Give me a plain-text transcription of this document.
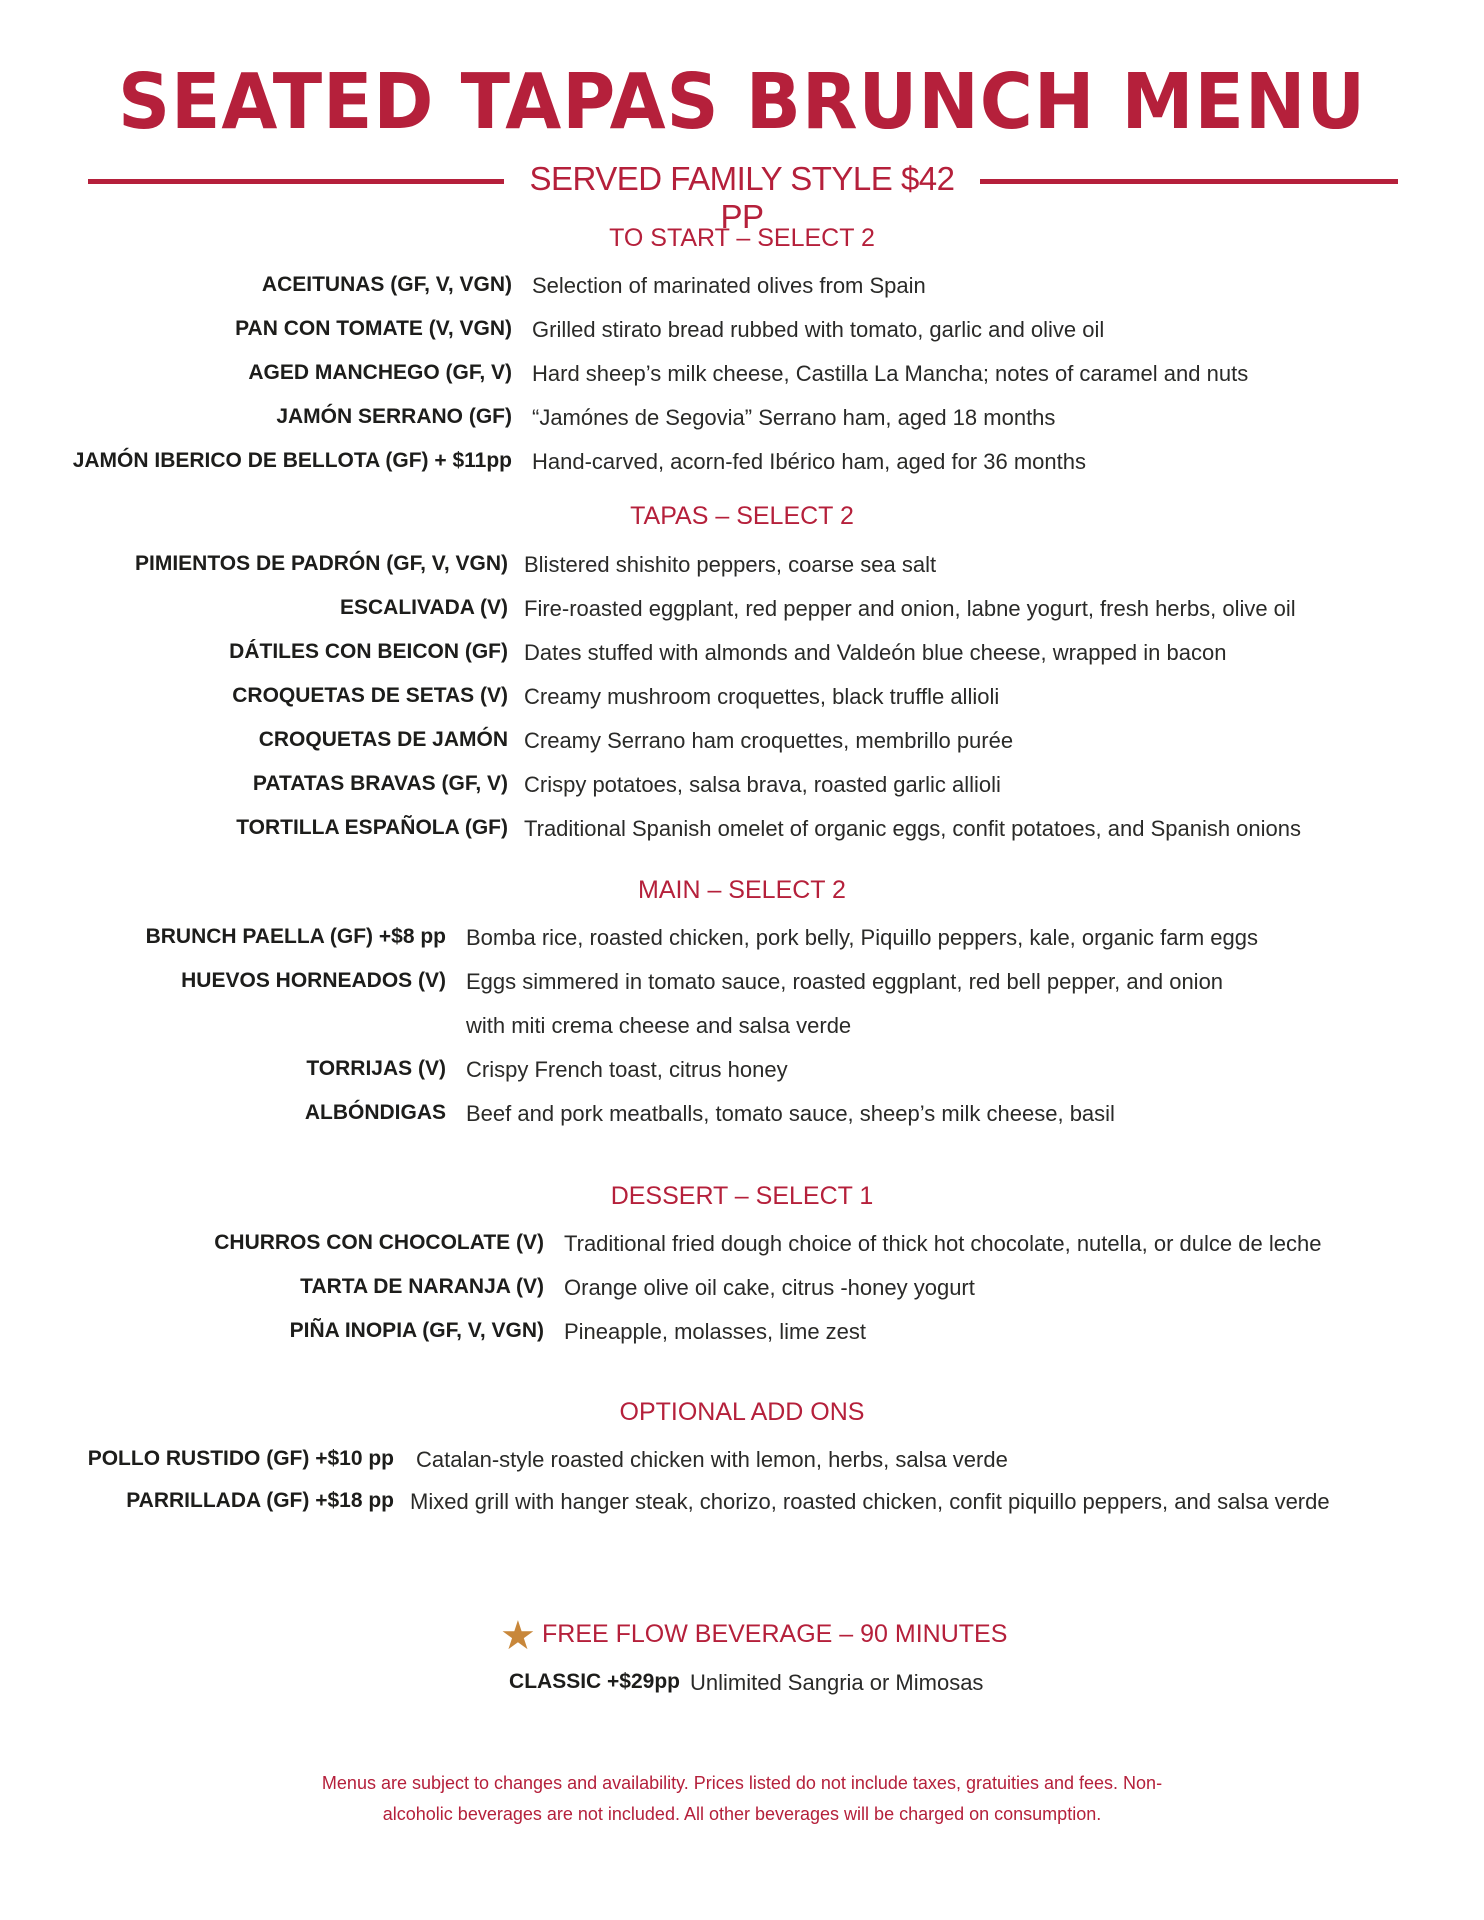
SEATED TAPAS BRUNCH MENU
SERVED FAMILY STYLE $42 PP
TO START – SELECT 2
ACEITUNAS (GF, V, VGN) Selection of marinated olives from Spain
PAN CON TOMATE (V, VGN) Grilled stirato bread rubbed with tomato, garlic and olive oil
AGED MANCHEGO (GF, V) Hard sheep’s milk cheese, Castilla La Mancha; notes of caramel and nuts
JAMÓN SERRANO (GF) “Jamónes de Segovia” Serrano ham, aged 18 months
JAMÓN IBERICO DE BELLOTA (GF) + $11pp Hand-carved, acorn-fed Ibérico ham, aged for 36 months
TAPAS – SELECT 2
PIMIENTOS DE PADRÓN (GF, V, VGN) Blistered shishito peppers, coarse sea salt
ESCALIVADA (V) Fire-roasted eggplant, red pepper and onion, labne yogurt, fresh herbs, olive oil
DÁTILES CON BEICON (GF) Dates stuffed with almonds and Valdeón blue cheese, wrapped in bacon
CROQUETAS DE SETAS (V) Creamy mushroom croquettes, black truffle allioli
CROQUETAS DE JAMÓN Creamy Serrano ham croquettes, membrillo purée
PATATAS BRAVAS (GF, V) Crispy potatoes, salsa brava, roasted garlic allioli
TORTILLA ESPAÑOLA (GF) Traditional Spanish omelet of organic eggs, confit potatoes, and Spanish onions
MAIN – SELECT 2
BRUNCH PAELLA (GF) +$8 pp Bomba rice, roasted chicken, pork belly, Piquillo peppers, kale, organic farm eggs
HUEVOS HORNEADOS (V) Eggs simmered in tomato sauce, roasted eggplant, red bell pepper, and onion
with miti crema cheese and salsa verde
TORRIJAS (V) Crispy French toast, citrus honey
ALBÓNDIGAS Beef and pork meatballs, tomato sauce, sheep’s milk cheese, basil
DESSERT – SELECT 1
CHURROS CON CHOCOLATE (V) Traditional fried dough choice of thick hot chocolate, nutella, or dulce de leche
TARTA DE NARANJA (V) Orange olive oil cake, citrus -honey yogurt
PIÑA INOPIA (GF, V, VGN) Pineapple, molasses, lime zest
OPTIONAL ADD ONS
POLLO RUSTIDO (GF) +$10 pp Catalan-style roasted chicken with lemon, herbs, salsa verde
PARRILLADA (GF) +$18 pp Mixed grill with hanger steak, chorizo, roasted chicken, confit piquillo peppers, and salsa verde
★ FREE FLOW BEVERAGE – 90 MINUTES
CLASSIC +$29pp Unlimited Sangria or Mimosas
Menus are subject to changes and availability. Prices listed do not include taxes, gratuities and fees. Non-
alcoholic beverages are not included. All other beverages will be charged on consumption.
